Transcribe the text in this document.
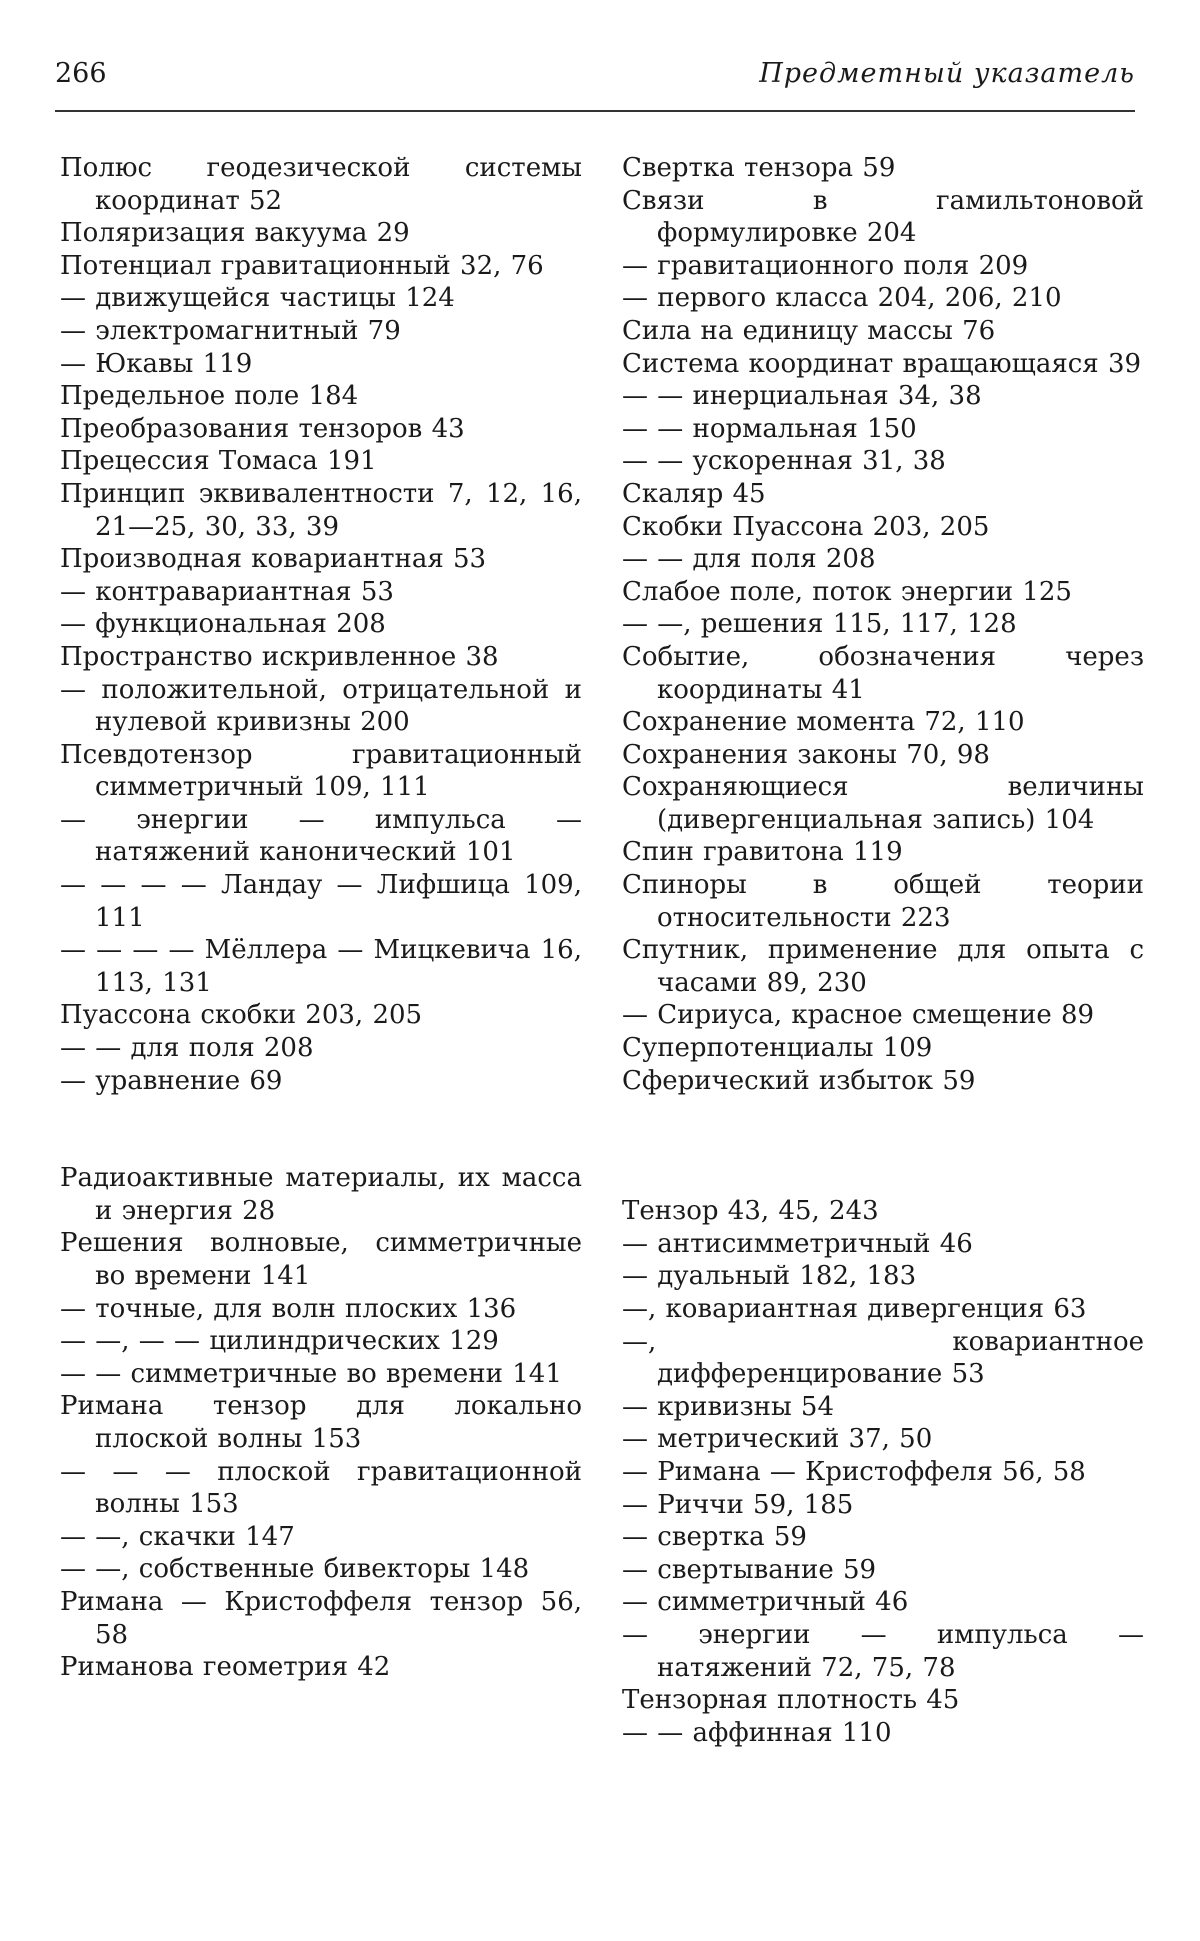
266	Предметный указатель
Полюс геодезической системы координат 52
Поляризация вакуума 29
Потенциал гравитационный 32, 76
— движущейся частицы 124
— электромагнитный 79
— Юкавы 119
Предельное поле 184
Преобразования тензоров 43
Прецессия Томаса 191
Принцип эквивалентности 7, 12, 16, 21—25, 30, 33, 39
Производная ковариантная 53
— контравариантная 53
— функциональная 208
Пространство искривленное 38
— положительной, отрицательной и нулевой кривизны 200
Псевдотензор гравитационный симметричный 109, 111
— энергии — импульса — натяжений канонический 101
— — — — Ландау — Лифшица 109, 111
— — — — Мёллера — Мицкевича 16, 113, 131
Пуассона скобки 203, 205
— — для поля 208
— уравнение 69
Радиоактивные материалы, их масса и энергия 28
Решения волновые, симметричные во времени 141
— точные, для волн плоских 136
— —, — — цилиндрических 129
— — симметричные во времени 141
Римана тензор для локально плоской волны 153
— — — плоской гравитационной волны 153
— —, скачки 147
— —, собственные бивекторы 148
Римана — Кристоффеля тензор 56, 58
Риманова геометрия 42
Свертка тензора 59
Связи в гамильтоновой формулировке 204
— гравитационного поля 209
— первого класса 204, 206, 210
Сила на единицу массы 76
Система координат вращающаяся 39
— — инерциальная 34, 38
— — нормальная 150
— — ускоренная 31, 38
Скаляр 45
Скобки Пуассона 203, 205
— — для поля 208
Слабое поле, поток энергии 125
— —, решения 115, 117, 128
Событие, обозначения через координаты 41
Сохранение момента 72, 110
Сохранения законы 70, 98
Сохраняющиеся величины (дивергенциальная запись) 104
Спин гравитона 119
Спиноры в общей теории относительности 223
Спутник, применение для опыта с часами 89, 230
— Сириуса, красное смещение 89
Суперпотенциалы 109
Сферический избыток 59
Тензор 43, 45, 243
— антисимметричный 46
— дуальный 182, 183
—, ковариантная дивергенция 63
—, ковариантное дифференцирование 53
— кривизны 54
— метрический 37, 50
— Римана — Кристоффеля 56, 58
— Риччи 59, 185
— свертка 59
— свертывание 59
— симметричный 46
— энергии — импульса — натяжений 72, 75, 78
Тензорная плотность 45
— — аффинная 110
